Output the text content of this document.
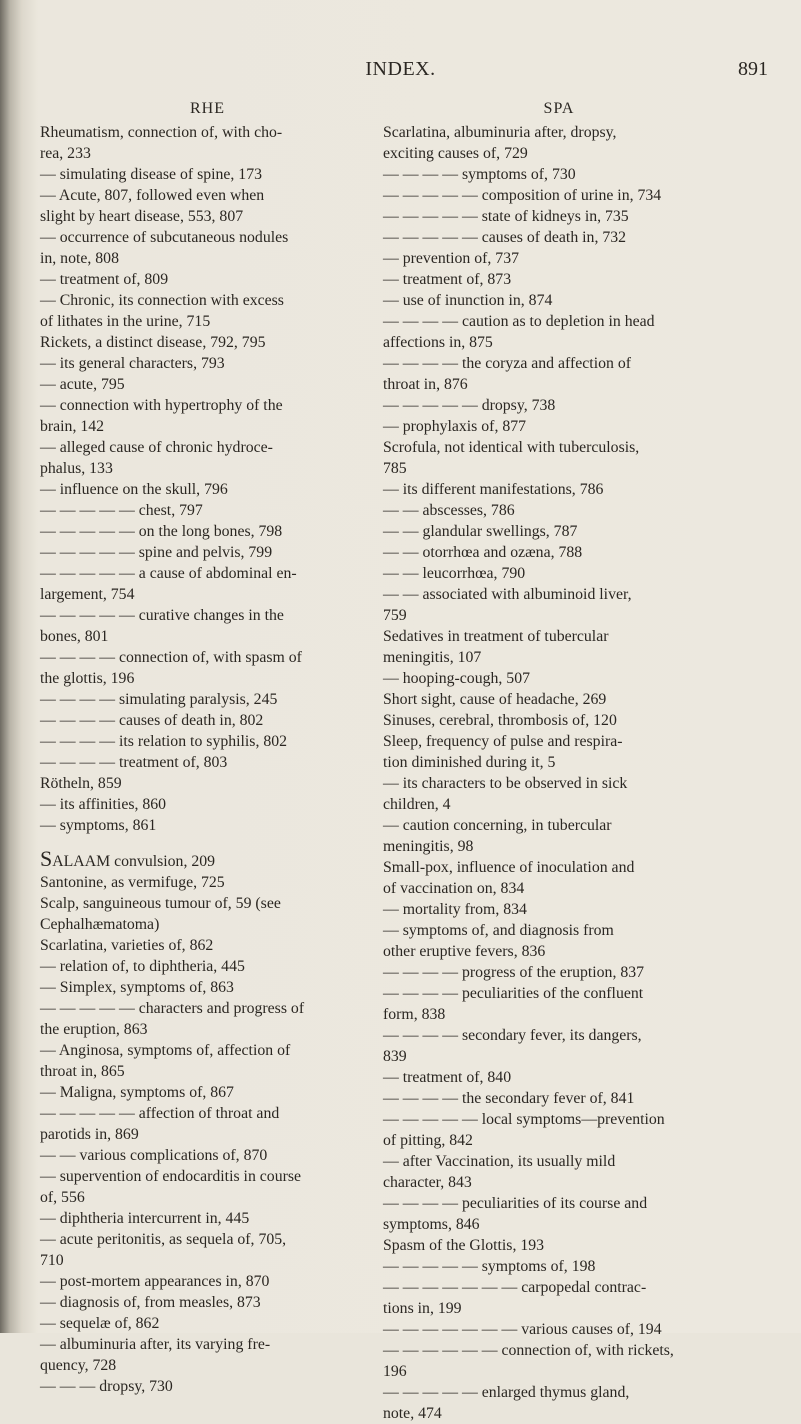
INDEX.	891
RHE
Rheumatism, connection of, with cho-
rea, 233
— simulating disease of spine, 173
— Acute, 807, followed even when
slight by heart disease, 553, 807
— occurrence of subcutaneous nodules
in, note, 808
— treatment of, 809
— Chronic, its connection with excess
of lithates in the urine, 715
Rickets, a distinct disease, 792, 795
— its general characters, 793
— acute, 795
— connection with hypertrophy of the
brain, 142
— alleged cause of chronic hydroce-
phalus, 133
— influence on the skull, 796
— — — — — chest, 797
— — — — — on the long bones, 798
— — — — — spine and pelvis, 799
— — — — — a cause of abdominal en-
largement, 754
— — — — — curative changes in the
bones, 801
— — — — connection of, with spasm of
the glottis, 196
— — — — simulating paralysis, 245
— — — — causes of death in, 802
— — — — its relation to syphilis, 802
— — — — treatment of, 803
Rötheln, 859
— its affinities, 860
— symptoms, 861
SALAAM convulsion, 209
Santonine, as vermifuge, 725
Scalp, sanguineous tumour of, 59 (see
Cephalhæmatoma)
Scarlatina, varieties of, 862
— relation of, to diphtheria, 445
— Simplex, symptoms of, 863
— — — — — characters and progress of
the eruption, 863
— Anginosa, symptoms of, affection of
throat in, 865
— Maligna, symptoms of, 867
— — — — — affection of throat and
parotids in, 869
— — various complications of, 870
— supervention of endocarditis in course
of, 556
— diphtheria intercurrent in, 445
— acute peritonitis, as sequela of, 705,
710
— post-mortem appearances in, 870
— diagnosis of, from measles, 873
— sequelæ of, 862
— albuminuria after, its varying fre-
quency, 728
— — — dropsy, 730
SPA
Scarlatina, albuminuria after, dropsy,
exciting causes of, 729
— — — — symptoms of, 730
— — — — — composition of urine in, 734
— — — — — state of kidneys in, 735
— — — — — causes of death in, 732
— prevention of, 737
— treatment of, 873
— use of inunction in, 874
— — — — caution as to depletion in head
affections in, 875
— — — — the coryza and affection of
throat in, 876
— — — — — dropsy, 738
— prophylaxis of, 877
Scrofula, not identical with tuberculosis,
785
— its different manifestations, 786
— — abscesses, 786
— — glandular swellings, 787
— — otorrhœa and ozæna, 788
— — leucorrhœa, 790
— — associated with albuminoid liver,
759
Sedatives in treatment of tubercular
meningitis, 107
— hooping-cough, 507
Short sight, cause of headache, 269
Sinuses, cerebral, thrombosis of, 120
Sleep, frequency of pulse and respira-
tion diminished during it, 5
— its characters to be observed in sick
children, 4
— caution concerning, in tubercular
meningitis, 98
Small-pox, influence of inoculation and
of vaccination on, 834
— mortality from, 834
— symptoms of, and diagnosis from
other eruptive fevers, 836
— — — — progress of the eruption, 837
— — — — peculiarities of the confluent
form, 838
— — — — secondary fever, its dangers,
839
— treatment of, 840
— — — — the secondary fever of, 841
— — — — — local symptoms—prevention
of pitting, 842
— after Vaccination, its usually mild
character, 843
— — — — peculiarities of its course and
symptoms, 846
Spasm of the Glottis, 193
— — — — — symptoms of, 198
— — — — — — — carpopedal contrac-
tions in, 199
— — — — — — — various causes of, 194
— — — — — — connection of, with rickets,
196
— — — — — enlarged thymus gland,
note, 474
